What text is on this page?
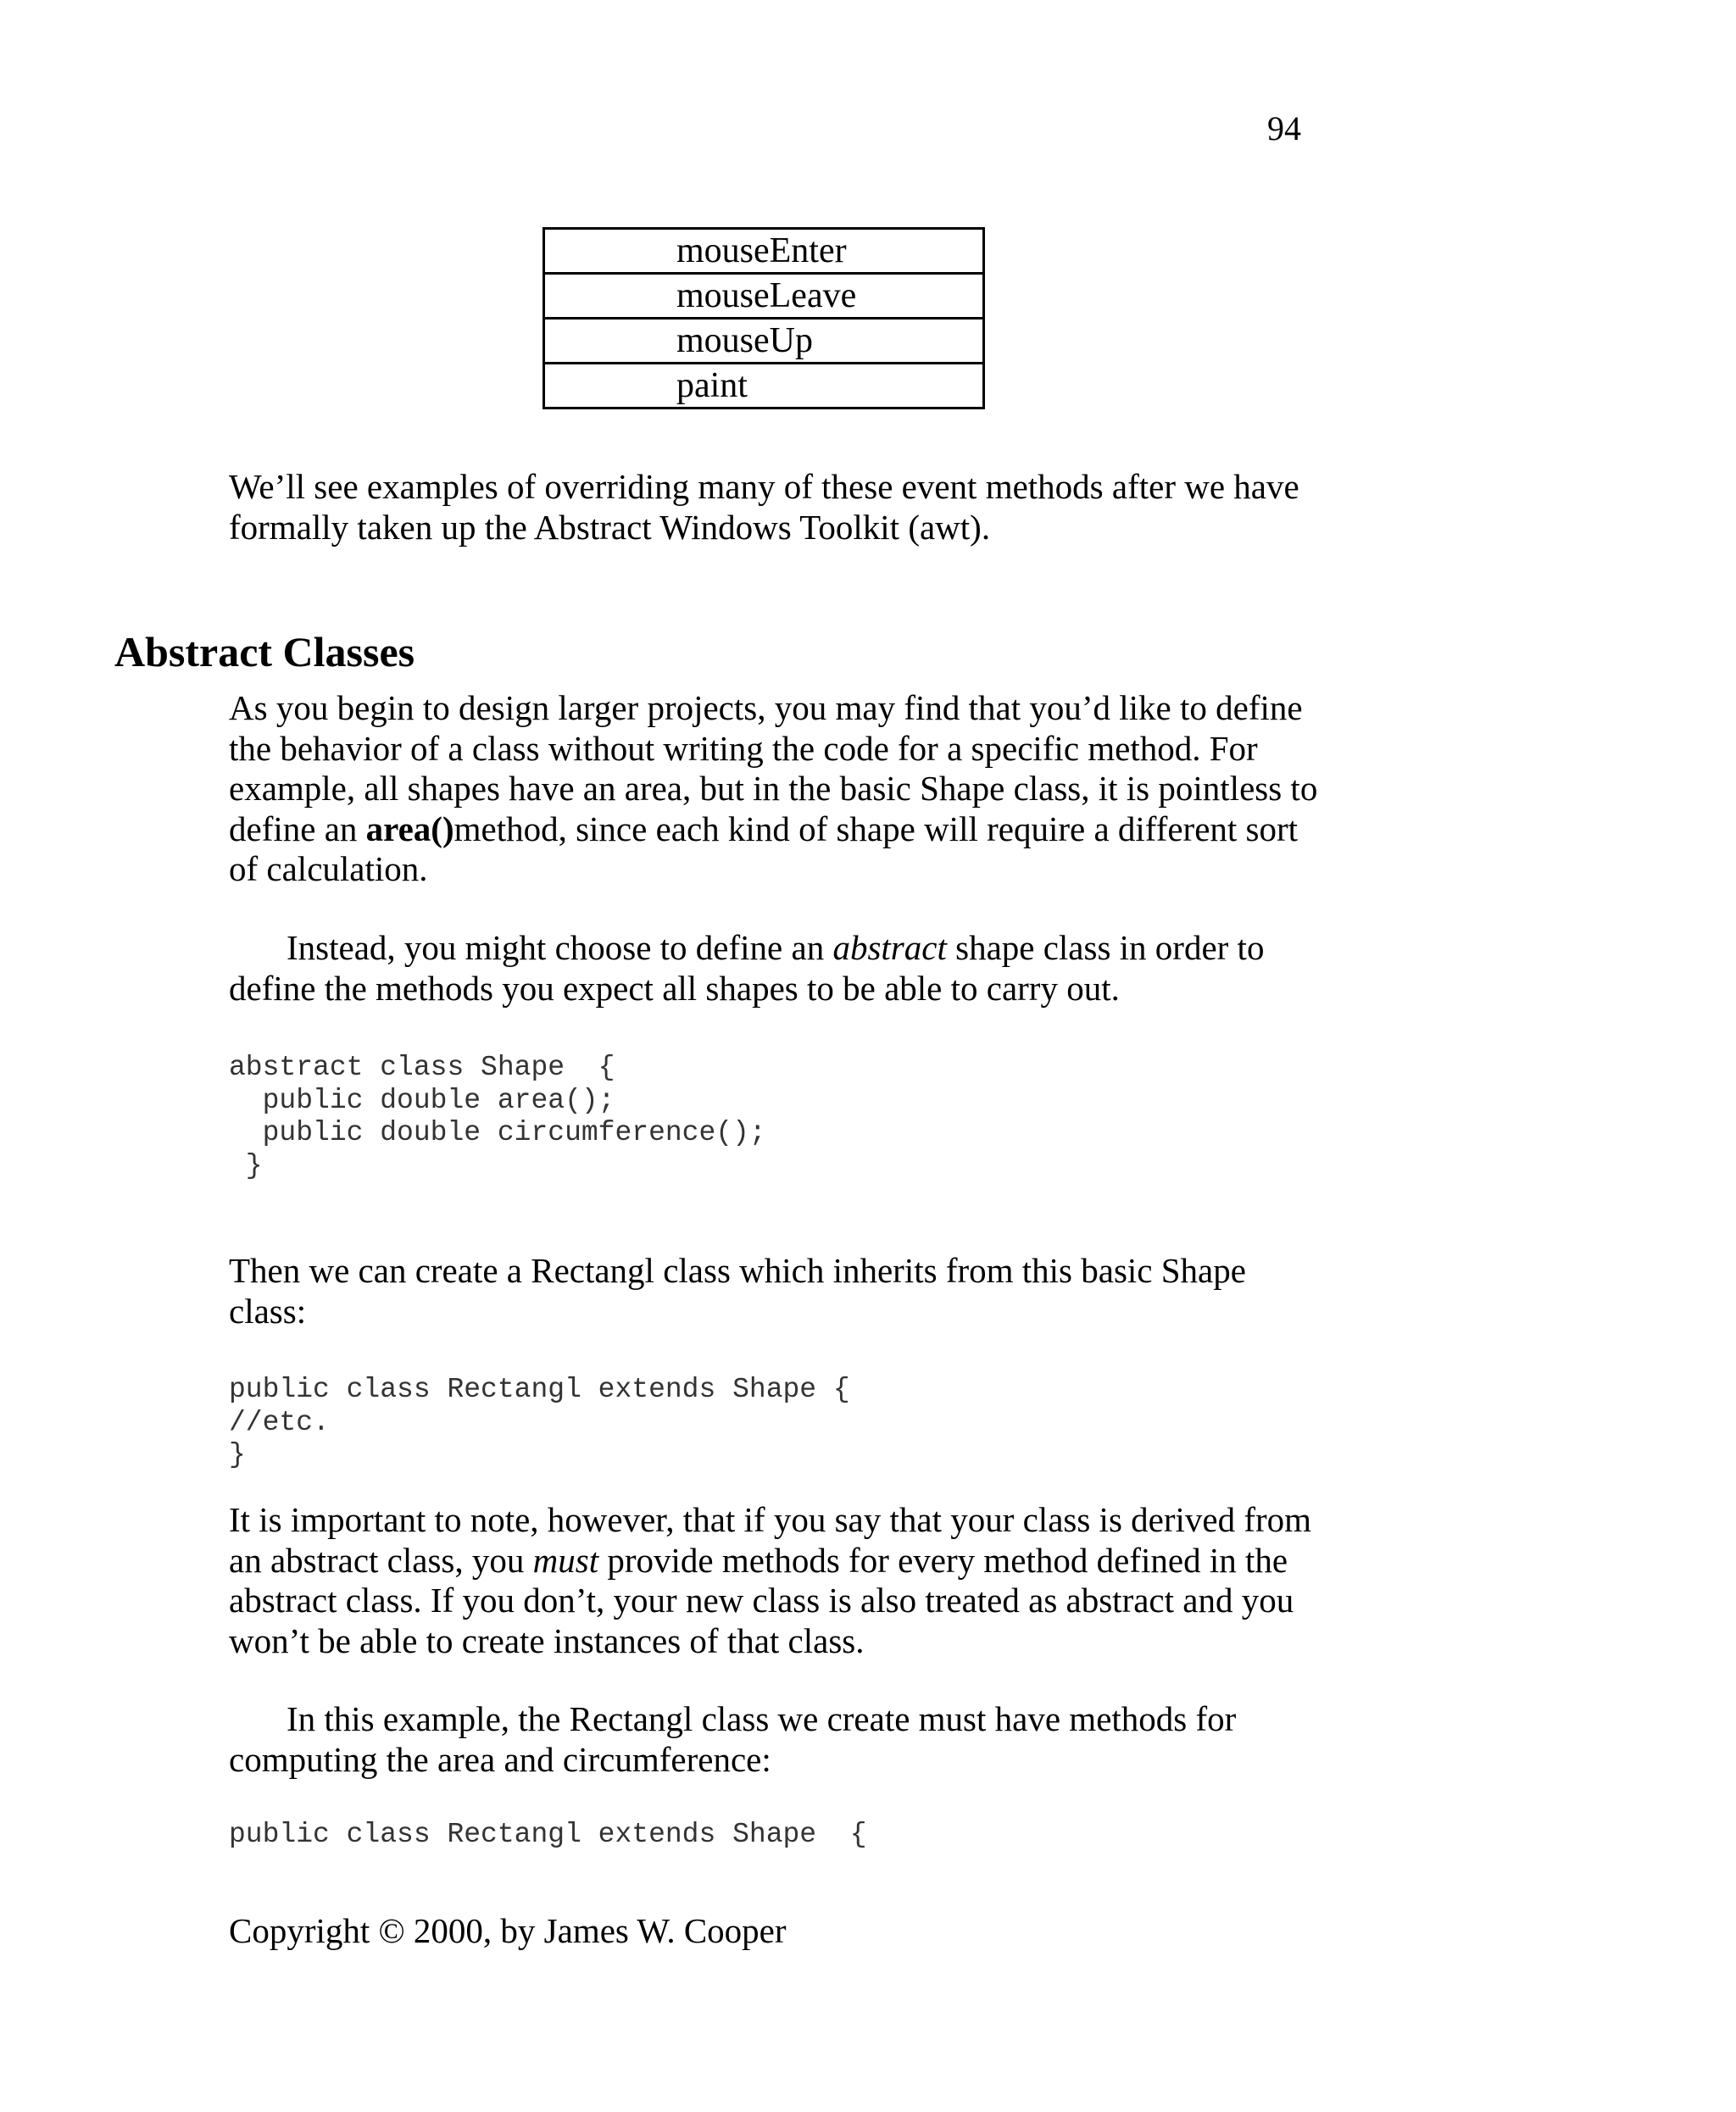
94
mouseEnter
mouseLeave
mouseUp
paint

We’ll see examples of overriding many of these event methods after we have formally taken up the Abstract Windows Toolkit (awt).

Abstract Classes

As you begin to design larger projects, you may find that you’d like to define the behavior of a class without writing the code for a specific method. For example, all shapes have an area, but in the basic Shape class, it is pointless to define an area()method, since each kind of shape will require a different sort of calculation.

Instead, you might choose to define an abstract shape class in order to define the methods you expect all shapes to be able to carry out.

abstract class Shape  {
public double area();
public double circumference();
}

Then we can create a Rectangl class which inherits from this basic Shape class:

public class Rectangl extends Shape {
//etc.
}

It is important to note, however, that if you say that your class is derived from an abstract class, you must provide methods for every method defined in the abstract class. If you don’t, your new class is also treated as abstract and you won’t be able to create instances of that class.

In this example, the Rectangl class we create must have methods for computing the area and circumference:

public class Rectangl extends Shape  {
Copyright © 2000, by James W. Cooper
